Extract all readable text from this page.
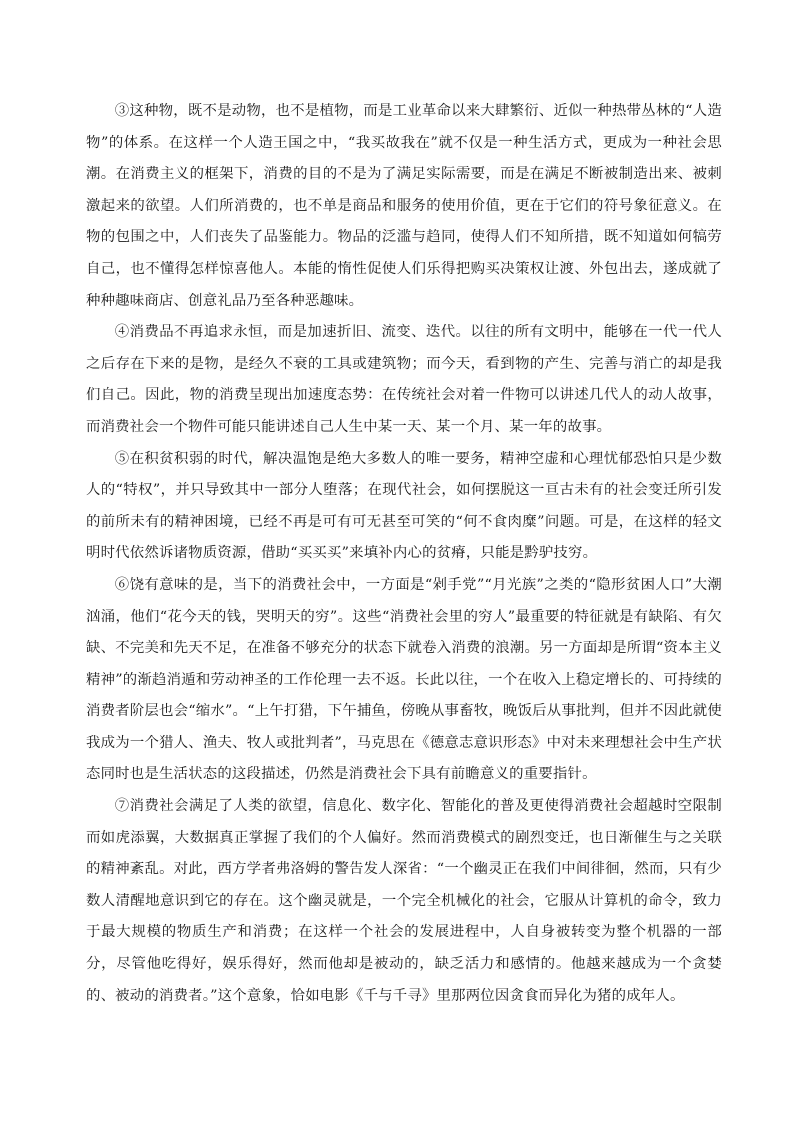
③这种物，既不是动物，也不是植物，而是工业革命以来大肆繁衍、近似一种热带丛林的“人造物”的体系。在这样一个人造王国之中，“我买故我在”就不仅是一种生活方式，更成为一种社会思潮。在消费主义的框架下，消费的目的不是为了满足实际需要，而是在满足不断被制造出来、被刺激起来的欲望。人们所消费的，也不单是商品和服务的使用价值，更在于它们的符号象征意义。在物的包围之中，人们丧失了品鉴能力。物品的泛滥与趋同，使得人们不知所措，既不知道如何犒劳自己，也不懂得怎样惊喜他人。本能的惰性促使人们乐得把购买决策权让渡、外包出去，遂成就了种种趣味商店、创意礼品乃至各种恶趣味。

④消费品不再追求永恒，而是加速折旧、流变、迭代。以往的所有文明中，能够在一代一代人之后存在下来的是物，是经久不衰的工具或建筑物；而今天，看到物的产生、完善与消亡的却是我们自己。因此，物的消费呈现出加速度态势：在传统社会对着一件物可以讲述几代人的动人故事，而消费社会一个物件可能只能讲述自己人生中某一天、某一个月、某一年的故事。

⑤在积贫积弱的时代，解决温饱是绝大多数人的唯一要务，精神空虚和心理忧郁恐怕只是少数人的“特权”，并只导致其中一部分人堕落；在现代社会，如何摆脱这一亘古未有的社会变迁所引发的前所未有的精神困境，已经不再是可有可无甚至可笑的“何不食肉糜”问题。可是，在这样的轻文明时代依然诉诸物质资源，借助“买买买”来填补内心的贫瘠，只能是黔驴技穷。

⑥饶有意味的是，当下的消费社会中，一方面是“剁手党”“月光族”之类的“隐形贫困人口”大潮汹涌，他们“花今天的钱，哭明天的穷”。这些“消费社会里的穷人”最重要的特征就是有缺陷、有欠缺、不完美和先天不足，在准备不够充分的状态下就卷入消费的浪潮。另一方面却是所谓“资本主义精神”的渐趋消遁和劳动神圣的工作伦理一去不返。长此以往，一个在收入上稳定增长的、可持续的消费者阶层也会“缩水”。“上午打猎，下午捕鱼，傍晚从事畜牧，晚饭后从事批判，但并不因此就使我成为一个猎人、渔夫、牧人或批判者”，马克思在《德意志意识形态》中对未来理想社会中生产状态同时也是生活状态的这段描述，仍然是消费社会下具有前瞻意义的重要指针。

⑦消费社会满足了人类的欲望，信息化、数字化、智能化的普及更使得消费社会超越时空限制而如虎添翼，大数据真正掌握了我们的个人偏好。然而消费模式的剧烈变迁，也日渐催生与之关联的精神紊乱。对此，西方学者弗洛姆的警告发人深省：“一个幽灵正在我们中间徘徊，然而，只有少数人清醒地意识到它的存在。这个幽灵就是，一个完全机械化的社会，它服从计算机的命令，致力于最大规模的物质生产和消费；在这样一个社会的发展进程中，人自身被转变为整个机器的一部分，尽管他吃得好，娱乐得好，然而他却是被动的，缺乏活力和感情的。他越来越成为一个贪婪的、被动的消费者。”这个意象，恰如电影《千与千寻》里那两位因贪食而异化为猪的成年人。
